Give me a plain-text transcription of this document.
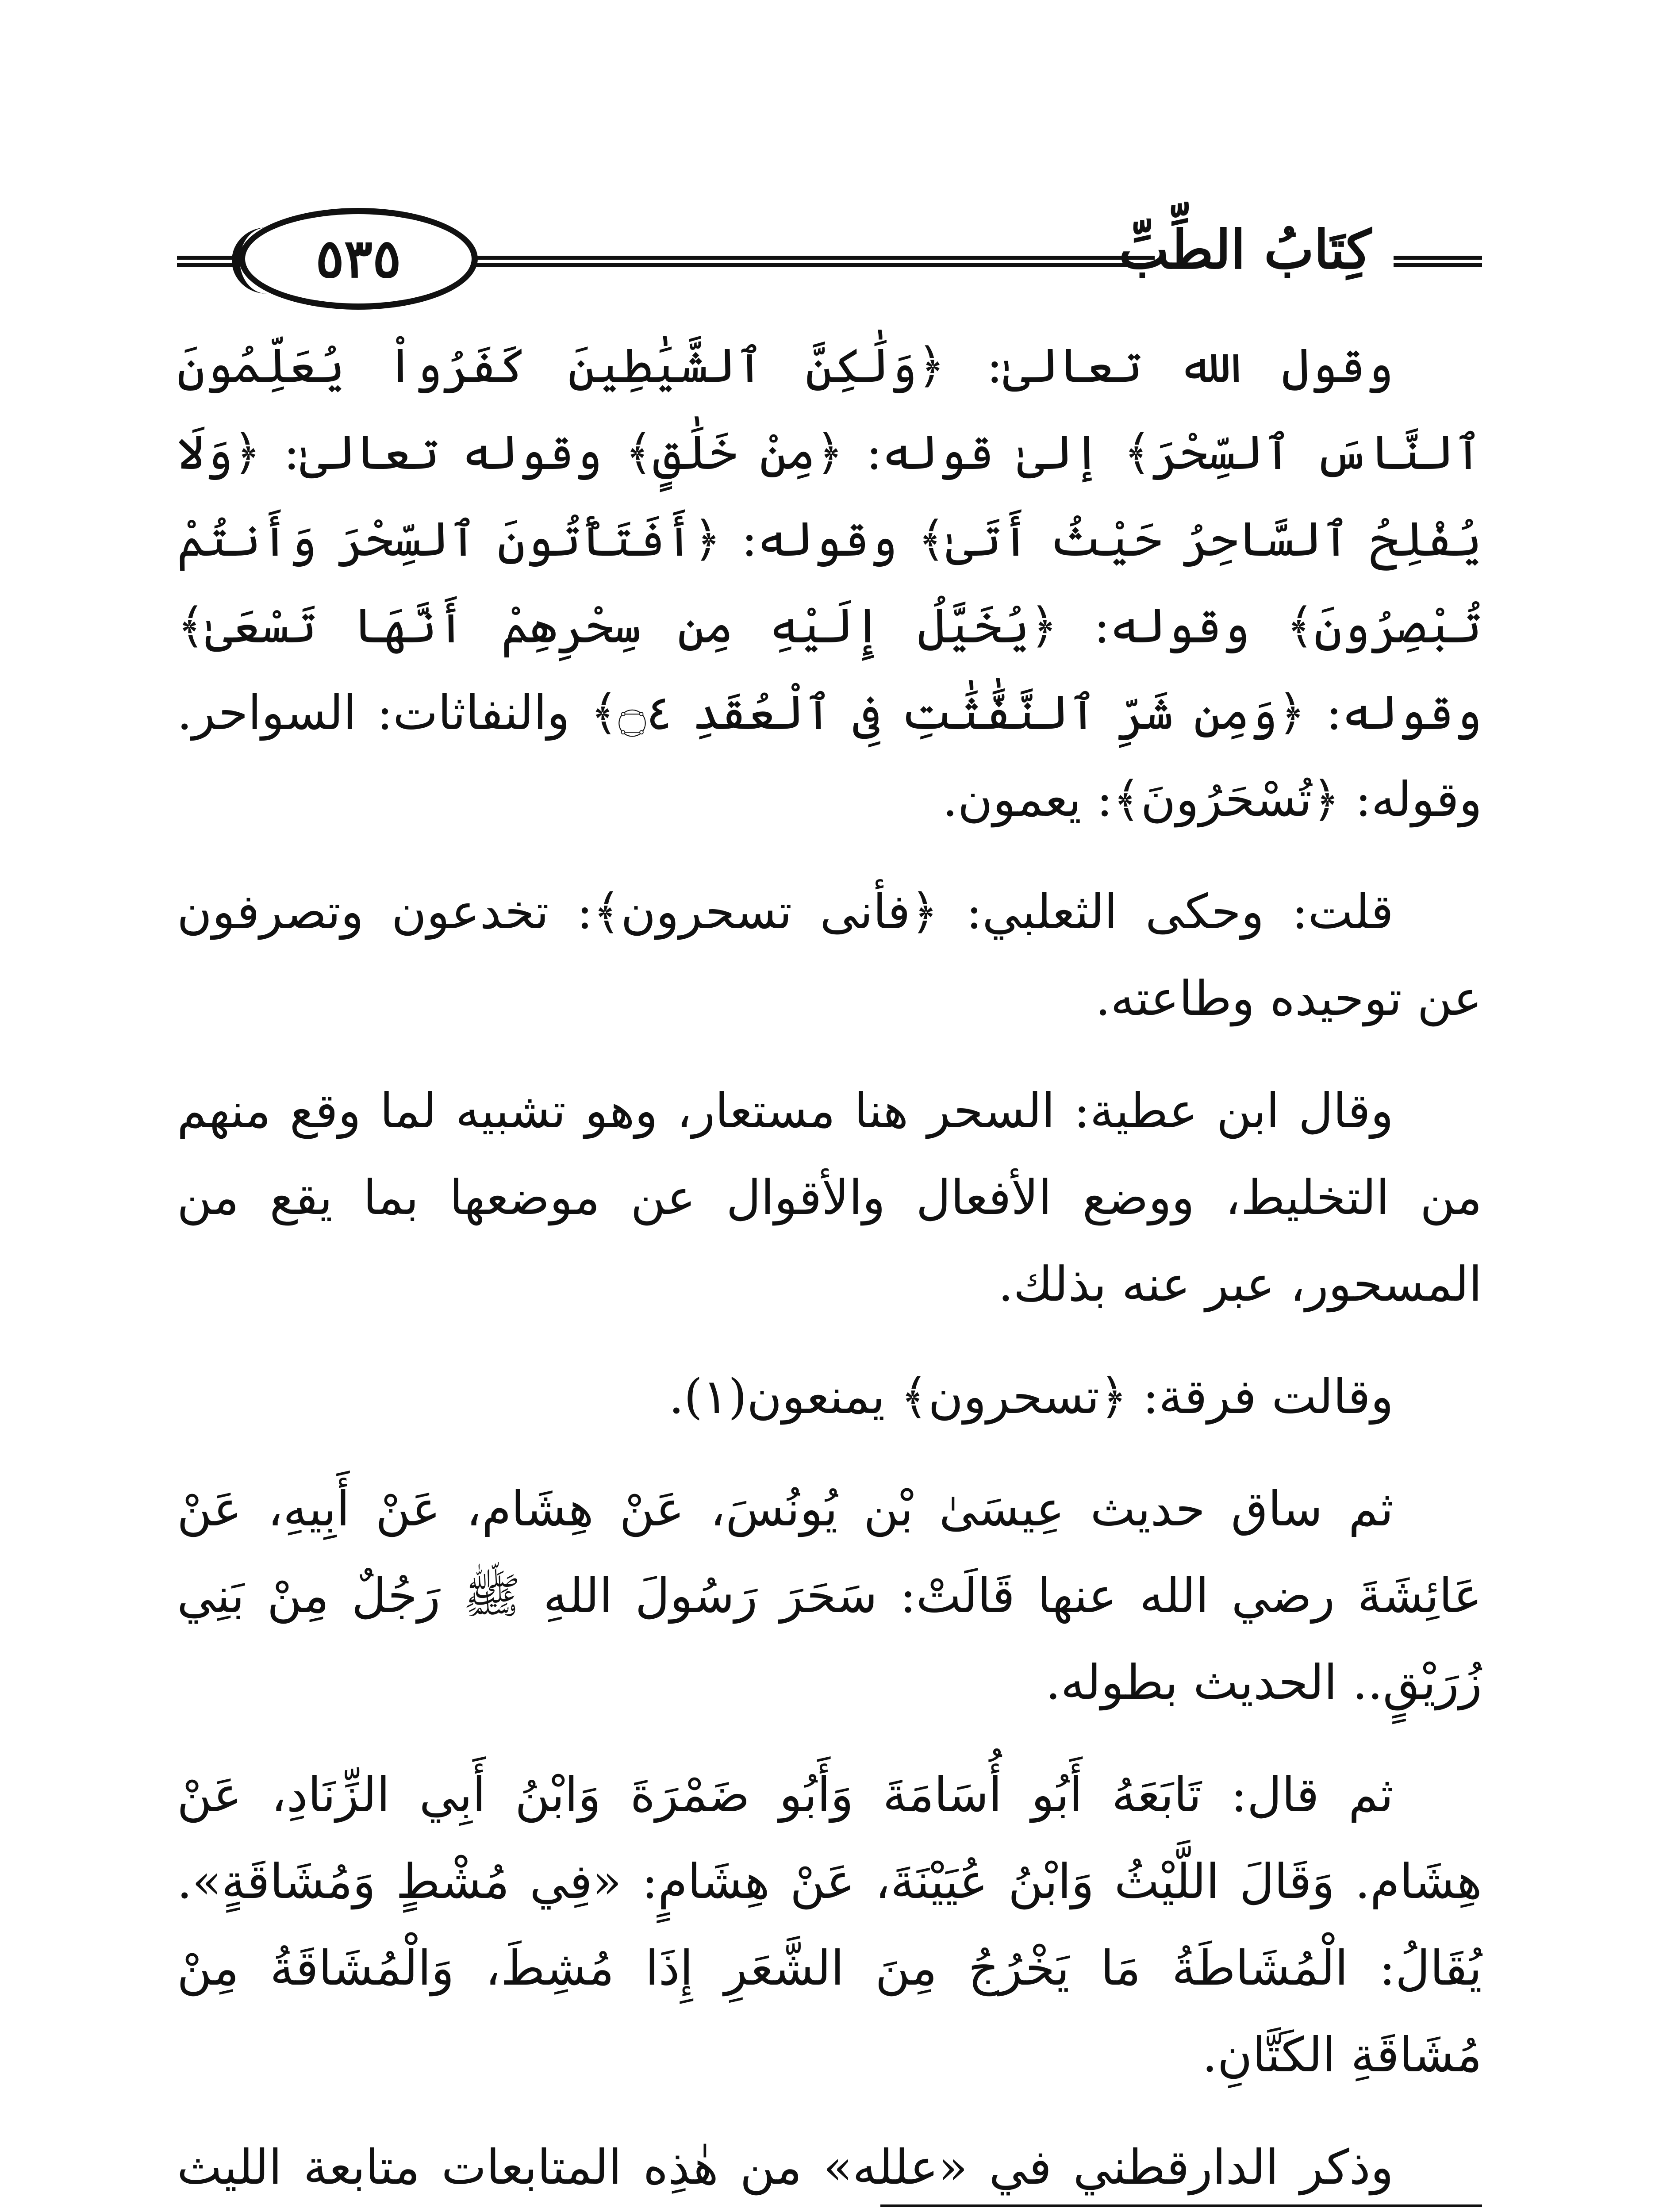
كِتَابُ الطِّبِّ
٥٣٥

وقول الله تعالىٰ: ﴿وَلَٰكِنَّ ٱلشَّيَٰطِينَ كَفَرُواْ يُعَلِّمُونَ ٱلنَّاسَ ٱلسِّحْرَ﴾ إلىٰ قوله: ﴿مِنْ خَلَٰقٍ﴾ وقوله تعالىٰ: ﴿وَلَا يُفْلِحُ ٱلسَّاحِرُ حَيْثُ أَتَىٰ﴾ وقوله: ﴿أَفَتَأْتُونَ ٱلسِّحْرَ وَأَنتُمْ تُبْصِرُونَ﴾ وقوله: ﴿يُخَيَّلُ إِلَيْهِ مِن سِحْرِهِمْ أَنَّهَا تَسْعَىٰ﴾ وقوله: ﴿وَمِن شَرِّ ٱلنَّفَّٰثَٰتِ فِى ٱلْعُقَدِ ۝٤﴾ والنفاثات: السواحر. وقوله: ﴿تُسْحَرُونَ﴾: يعمون.

قلت: وحكى الثعلبي: ﴿فأنى تسحرون﴾: تخدعون وتصرفون عن توحيده وطاعته.

وقال ابن عطية: السحر هنا مستعار، وهو تشبيه لما وقع منهم من التخليط، ووضع الأفعال والأقوال عن موضعها بما يقع من المسحور، عبر عنه بذلك.

وقالت فرقة: ﴿تسحرون﴾ يمنعون(١).

ثم ساق حديث عِيسَىٰ بْن يُونُسَ، عَنْ هِشَام، عَنْ أَبِيهِ، عَنْ عَائِشَةَ رضي الله عنها قَالَتْ: سَحَرَ رَسُولَ اللهِ ﷺ رَجُلٌ مِنْ بَنِي زُرَيْقٍ.. الحديث بطوله.

ثم قال: تَابَعَهُ أَبُو أُسَامَةَ وَأَبُو ضَمْرَةَ وَابْنُ أَبِي الزِّنَادِ، عَنْ هِشَام. وَقَالَ اللَّيْثُ وَابْنُ عُيَيْنَةَ، عَنْ هِشَامٍ: «فِي مُشْطٍ وَمُشَاقَةٍ». يُقَالُ: الْمُشَاطَةُ مَا يَخْرُجُ مِنَ الشَّعَرِ إِذَا مُشِطَ، وَالْمُشَاقَةُ مِنْ مُشَاقَةِ الكَتَّانِ.

وذكر الدارقطني في «علله» من هٰذِه المتابعات متابعة الليث
